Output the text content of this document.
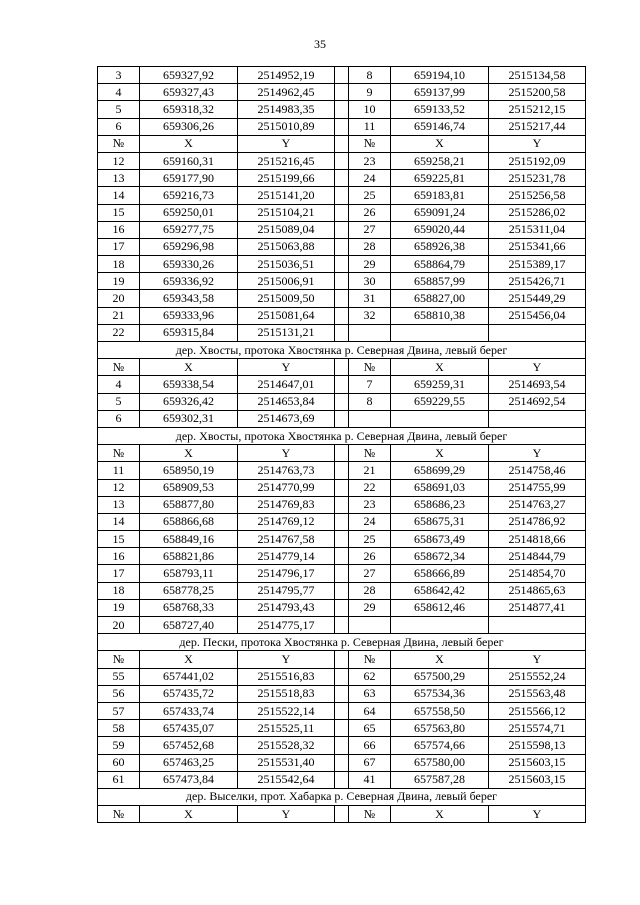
35
3	659327,92	2514952,19		8	659194,10	2515134,58
4	659327,43	2514962,45		9	659137,99	2515200,58
5	659318,32	2514983,35		10	659133,52	2515212,15
6	659306,26	2515010,89		11	659146,74	2515217,44
№	X	Y		№	X	Y
12	659160,31	2515216,45		23	659258,21	2515192,09
13	659177,90	2515199,66		24	659225,81	2515231,78
14	659216,73	2515141,20		25	659183,81	2515256,58
15	659250,01	2515104,21		26	659091,24	2515286,02
16	659277,75	2515089,04		27	659020,44	2515311,04
17	659296,98	2515063,88		28	658926,38	2515341,66
18	659330,26	2515036,51		29	658864,79	2515389,17
19	659336,92	2515006,91		30	658857,99	2515426,71
20	659343,58	2515009,50		31	658827,00	2515449,29
21	659333,96	2515081,64		32	658810,38	2515456,04
22	659315,84	2515131,21				
дер. Хвосты, протока Хвостянка р. Северная Двина, левый берег						
№	X	Y		№	X	Y
4	659338,54	2514647,01		7	659259,31	2514693,54
5	659326,42	2514653,84		8	659229,55	2514692,54
6	659302,31	2514673,69				
дер. Хвосты, протока Хвостянка р. Северная Двина, левый берег						
№	X	Y		№	X	Y
11	658950,19	2514763,73		21	658699,29	2514758,46
12	658909,53	2514770,99		22	658691,03	2514755,99
13	658877,80	2514769,83		23	658686,23	2514763,27
14	658866,68	2514769,12		24	658675,31	2514786,92
15	658849,16	2514767,58		25	658673,49	2514818,66
16	658821,86	2514779,14		26	658672,34	2514844,79
17	658793,11	2514796,17		27	658666,89	2514854,70
18	658778,25	2514795,77		28	658642,42	2514865,63
19	658768,33	2514793,43		29	658612,46	2514877,41
20	658727,40	2514775,17				
дер. Пески, протока Хвостянка р. Северная Двина, левый берег						
№	X	Y		№	X	Y
55	657441,02	2515516,83		62	657500,29	2515552,24
56	657435,72	2515518,83		63	657534,36	2515563,48
57	657433,74	2515522,14		64	657558,50	2515566,12
58	657435,07	2515525,11		65	657563,80	2515574,71
59	657452,68	2515528,32		66	657574,66	2515598,13
60	657463,25	2515531,40		67	657580,00	2515603,15
61	657473,84	2515542,64		41	657587,28	2515603,15
дер. Выселки, прот. Хабарка р. Северная Двина, левый берег						
№	X	Y		№	X	Y
